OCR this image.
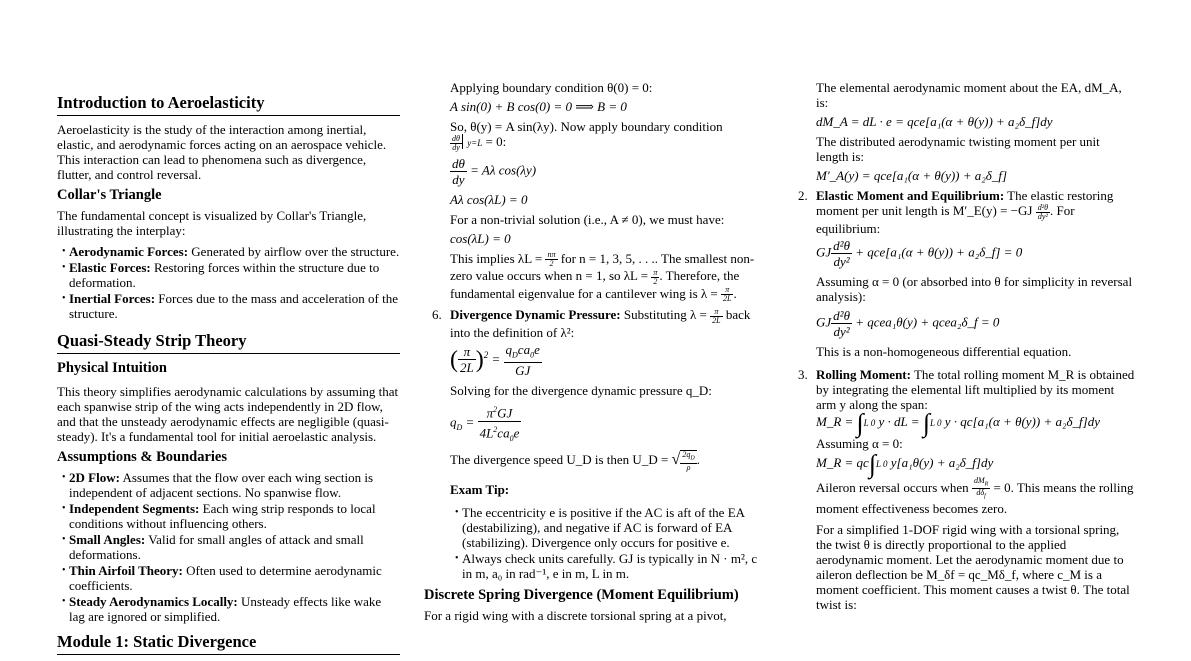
Introduction to Aeroelasticity
Aeroelasticity is the study of the interaction among inertial, elastic, and aerodynamic forces acting on an aerospace vehicle. This interaction can lead to phenomena such as divergence, flutter, and control reversal.
Collar's Triangle
The fundamental concept is visualized by Collar's Triangle, illustrating the interplay:
• Aerodynamic Forces: Generated by airflow over the structure.
• Elastic Forces: Restoring forces within the structure due to deformation.
• Inertial Forces: Forces due to the mass and acceleration of the structure.
Quasi-Steady Strip Theory
Physical Intuition
This theory simplifies aerodynamic calculations by assuming that each spanwise strip of the wing acts independently in 2D flow, and that the unsteady aerodynamic effects are negligible (quasi-steady). It's a fundamental tool for initial aeroelastic analysis.
Assumptions & Boundaries
• 2D Flow: Assumes that the flow over each wing section is independent of adjacent sections. No spanwise flow.
• Independent Segments: Each wing strip responds to local conditions without influencing others.
• Small Angles: Valid for small angles of attack and small deformations.
• Thin Airfoil Theory: Often used to determine aerodynamic coefficients.
• Steady Aerodynamics Locally: Unsteady effects like wake lag are ignored or simplified.
Module 1: Static Divergence
Applying boundary condition θ(0) = 0:
A sin(0) + B cos(0) = 0 ⟹ B = 0
So, θ(y) = A sin(λy). Now apply boundary condition
$\frac{d\theta}{dy} y=L = 0$:
$\frac{d\theta}{dy} = A\lambda$ cos(λy)
Aλ cos(λL) = 0
For a non-trivial solution (i.e., A ≠ 0), we must have:
cos(λL) = 0
This implies $\lambda L = \frac{n\pi}{2}$ for n = 1, 3, 5, . . .. The smallest non-zero value occurs when n = 1, so $\lambda L = \frac{\pi}{2}$ . Therefore, the fundamental eigenvalue for a cantilever wing is $\lambda = \frac{\pi}{2L}$ .
6. Divergence Dynamic Pressure: Substituting $\lambda = \frac{\pi}{2L}$ back into the definition of λ²:
( $\frac{\pi}{2L} )^2 = \frac{q_Dca_0e}{GJ}$
Solving for the divergence dynamic pressure q_D:
$q_D = \frac{\pi^2GJ}{4L^2ca_0e}$
The divergence speed U_D is then U_D = √ $\frac{2q_D}{\rho}$ .
Exam Tip:
• The eccentricity e is positive if the AC is aft of the EA (destabilizing), and negative if AC is forward of EA (stabilizing). Divergence only occurs for positive e.
• Always check units carefully. GJ is typically in N · m², c in m, a₀ in rad⁻¹, e in m, L in m.
Discrete Spring Divergence (Moment Equilibrium)
For a rigid wing with a discrete torsional spring at a pivot,
The elemental aerodynamic moment about the EA, dM_A, is:
dM_A = dL · e = qce[a₁(α + θ(y)) + a₂δ_f]dy
The distributed aerodynamic twisting moment per unit length is:
M′_A(y) = qce[a₁(α + θ(y)) + a₂δ_f]
2. Elastic Moment and Equilibrium: The elastic restoring moment per unit length is M′_E(y) = $-GJ \frac{\text{d²θ}}{\text{dy²}}$ . For equilibrium:
GJ $\frac{\text{d²θ}}{\text{dy²}} + qce[a_1(\alpha + \theta(y))$ + a₂δ_f] = 0
Assuming α = 0 (or absorbed into θ for simplicity in reversal analysis):
GJ $\frac{\text{d²θ}}{\text{dy²}}$ + qcea₁θ(y) + qcea₂δ_f = 0
This is a non-homogeneous differential equation.
3. Rolling Moment: The total rolling moment M_R is obtained by integrating the elemental lift multiplied by its moment arm y along the span:
M_R = ∫L 0 y · dL = ∫L 0 y · qc[a₁(α + θ(y)) + a₂δ_f]dy
Assuming α = 0:
M_R = qc∫L 0 y[a₁θ(y) + a₂δ_f]dy
Aileron reversal occurs when $\frac{dM_R}{d\delta_f} = 0$. This means the rolling moment effectiveness becomes zero.
For a simplified 1-DOF rigid wing with a torsional spring, the twist θ is directly proportional to the applied aerodynamic moment. Let the aerodynamic moment due to aileron deflection be M_δf = qc_Mδ_f, where c_M is a moment coefficient. This moment causes a twist θ. The total twist is:
